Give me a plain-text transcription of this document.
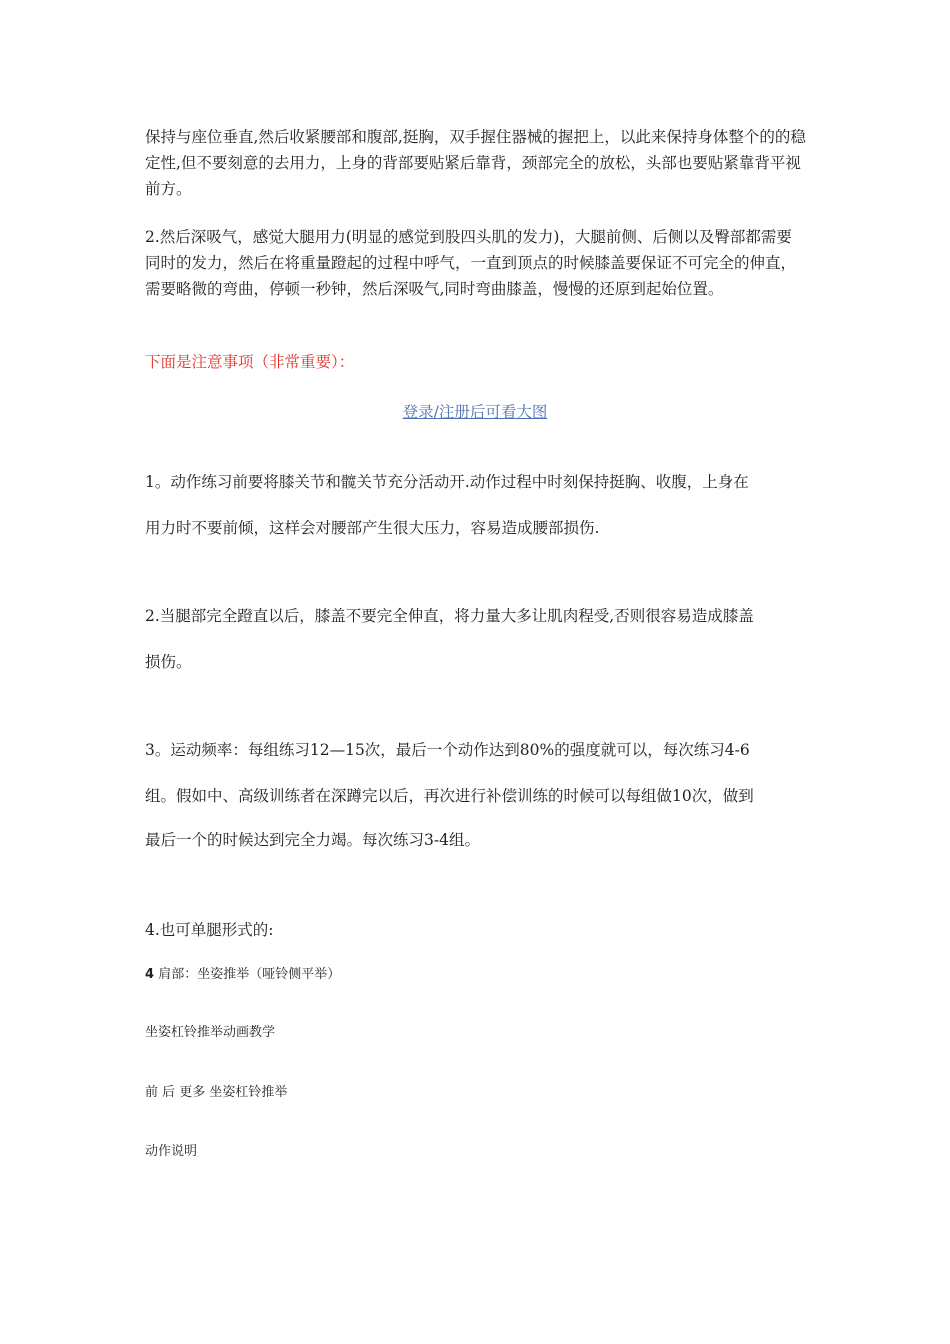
保持与座位垂直,然后收紧腰部和腹部,挺胸，双手握住器械的握把上，以此来保持身体整个的的稳定性,但不要刻意的去用力，上身的背部要贴紧后靠背，颈部完全的放松，头部也要贴紧靠背平视前方。

2.然后深吸气，感觉大腿用力(明显的感觉到股四头肌的发力)，大腿前侧、后侧以及臀部都需要同时的发力，然后在将重量蹬起的过程中呼气，一直到顶点的时候膝盖要保证不可完全的伸直，需要略微的弯曲，停顿一秒钟，然后深吸气,同时弯曲膝盖，慢慢的还原到起始位置。

下面是注意事项（非常重要）：
登录/注册后可看大图
1。动作练习前要将膝关节和髋关节充分活动开.动作过程中时刻保持挺胸、收腹，上身在
用力时不要前倾，这样会对腰部产生很大压力，容易造成腰部损伤.
2.当腿部完全蹬直以后，膝盖不要完全伸直，将力量大多让肌肉程受,否则很容易造成膝盖
损伤。
3。运动频率：每组练习12—15次，最后一个动作达到80%的强度就可以，每次练习4-6
组。假如中、高级训练者在深蹲完以后，再次进行补偿训练的时候可以每组做10次，做到
最后一个的时候达到完全力竭。每次练习3-4组。
4.也可单腿形式的:
4 肩部：坐姿推举（哑铃侧平举）
坐姿杠铃推举动画教学
前 后 更多 坐姿杠铃推举
动作说明
